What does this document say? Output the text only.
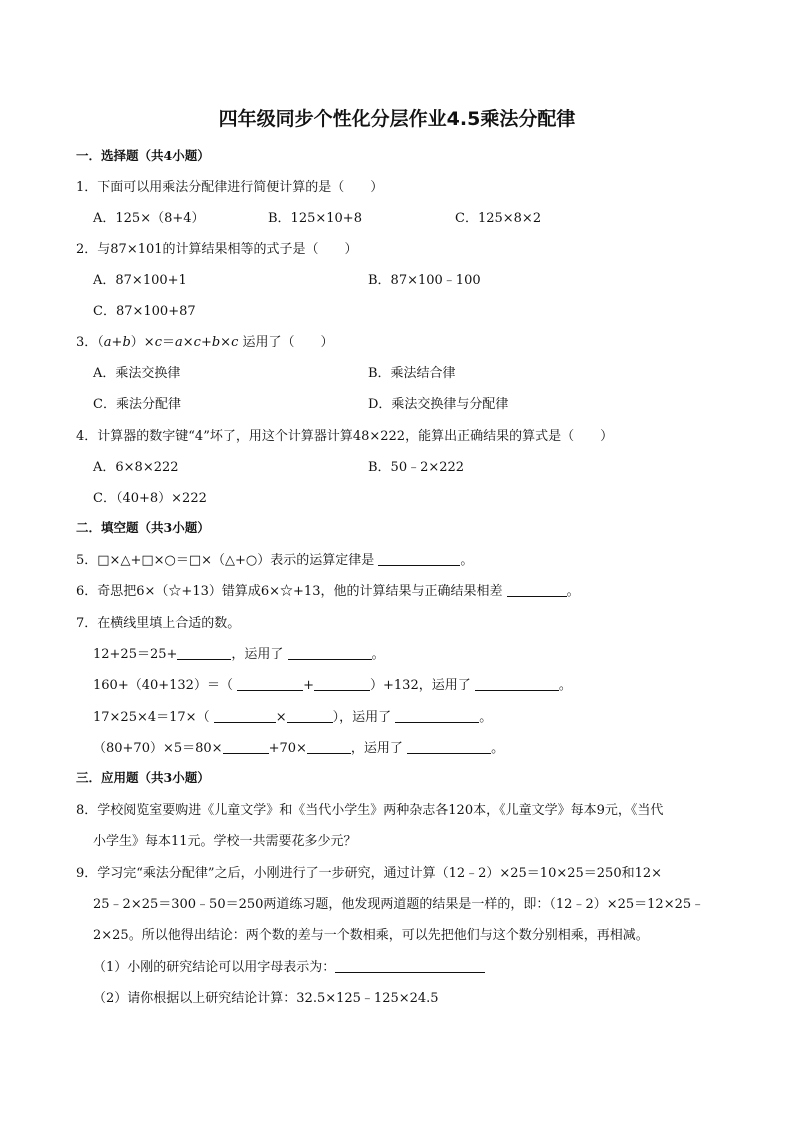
四年级同步个性化分层作业4.5乘法分配律
一．选择题（共4小题）
1．下面可以用乘法分配律进行简便计算的是（　　）
A．125×（8+4）	B．125×10+8	C．125×8×2
2．与87×101的计算结果相等的式子是（　　）
A．87×100+1	B．87×100﹣100
C．87×100+87
3．（a+b）×c＝a×c+b×c 运用了（　　）
A．乘法交换律	B．乘法结合律
C．乘法分配律	D．乘法交换律与分配律
4．计算器的数字键“4”坏了，用这个计算器计算48×222，能算出正确结果的算式是（　　）
A．6×8×222	B．50﹣2×222
C．（40+8）×222
二．填空题（共3小题）
5．□×△+□×○＝□×（△+○）表示的运算定律是	。
6．奇思把6×（☆+13）错算成6×☆+13，他的计算结果与正确结果相差	。
7．在横线里填上合适的数。
12+25＝25+	，运用了	。
160+（40+132）＝（	+	）+132，运用了	。
17×25×4＝17×（	×	），运用了	。
（80+70）×5＝80×	+70×	，运用了	。
三．应用题（共3小题）
8．学校阅览室要购进《儿童文学》和《当代小学生》两种杂志各120本，《儿童文学》每本9元，《当代
小学生》每本11元。学校一共需要花多少元？
9．学习完“乘法分配律”之后，小刚进行了一步研究，通过计算（12﹣2）×25＝10×25＝250和12×
25﹣2×25＝300﹣50＝250两道练习题，他发现两道题的结果是一样的，即：（12﹣2）×25＝12×25﹣
2×25。所以他得出结论：两个数的差与一个数相乘，可以先把他们与这个数分别相乘，再相减。
（1）小刚的研究结论可以用字母表示为：
（2）请你根据以上研究结论计算：32.5×125﹣125×24.5
